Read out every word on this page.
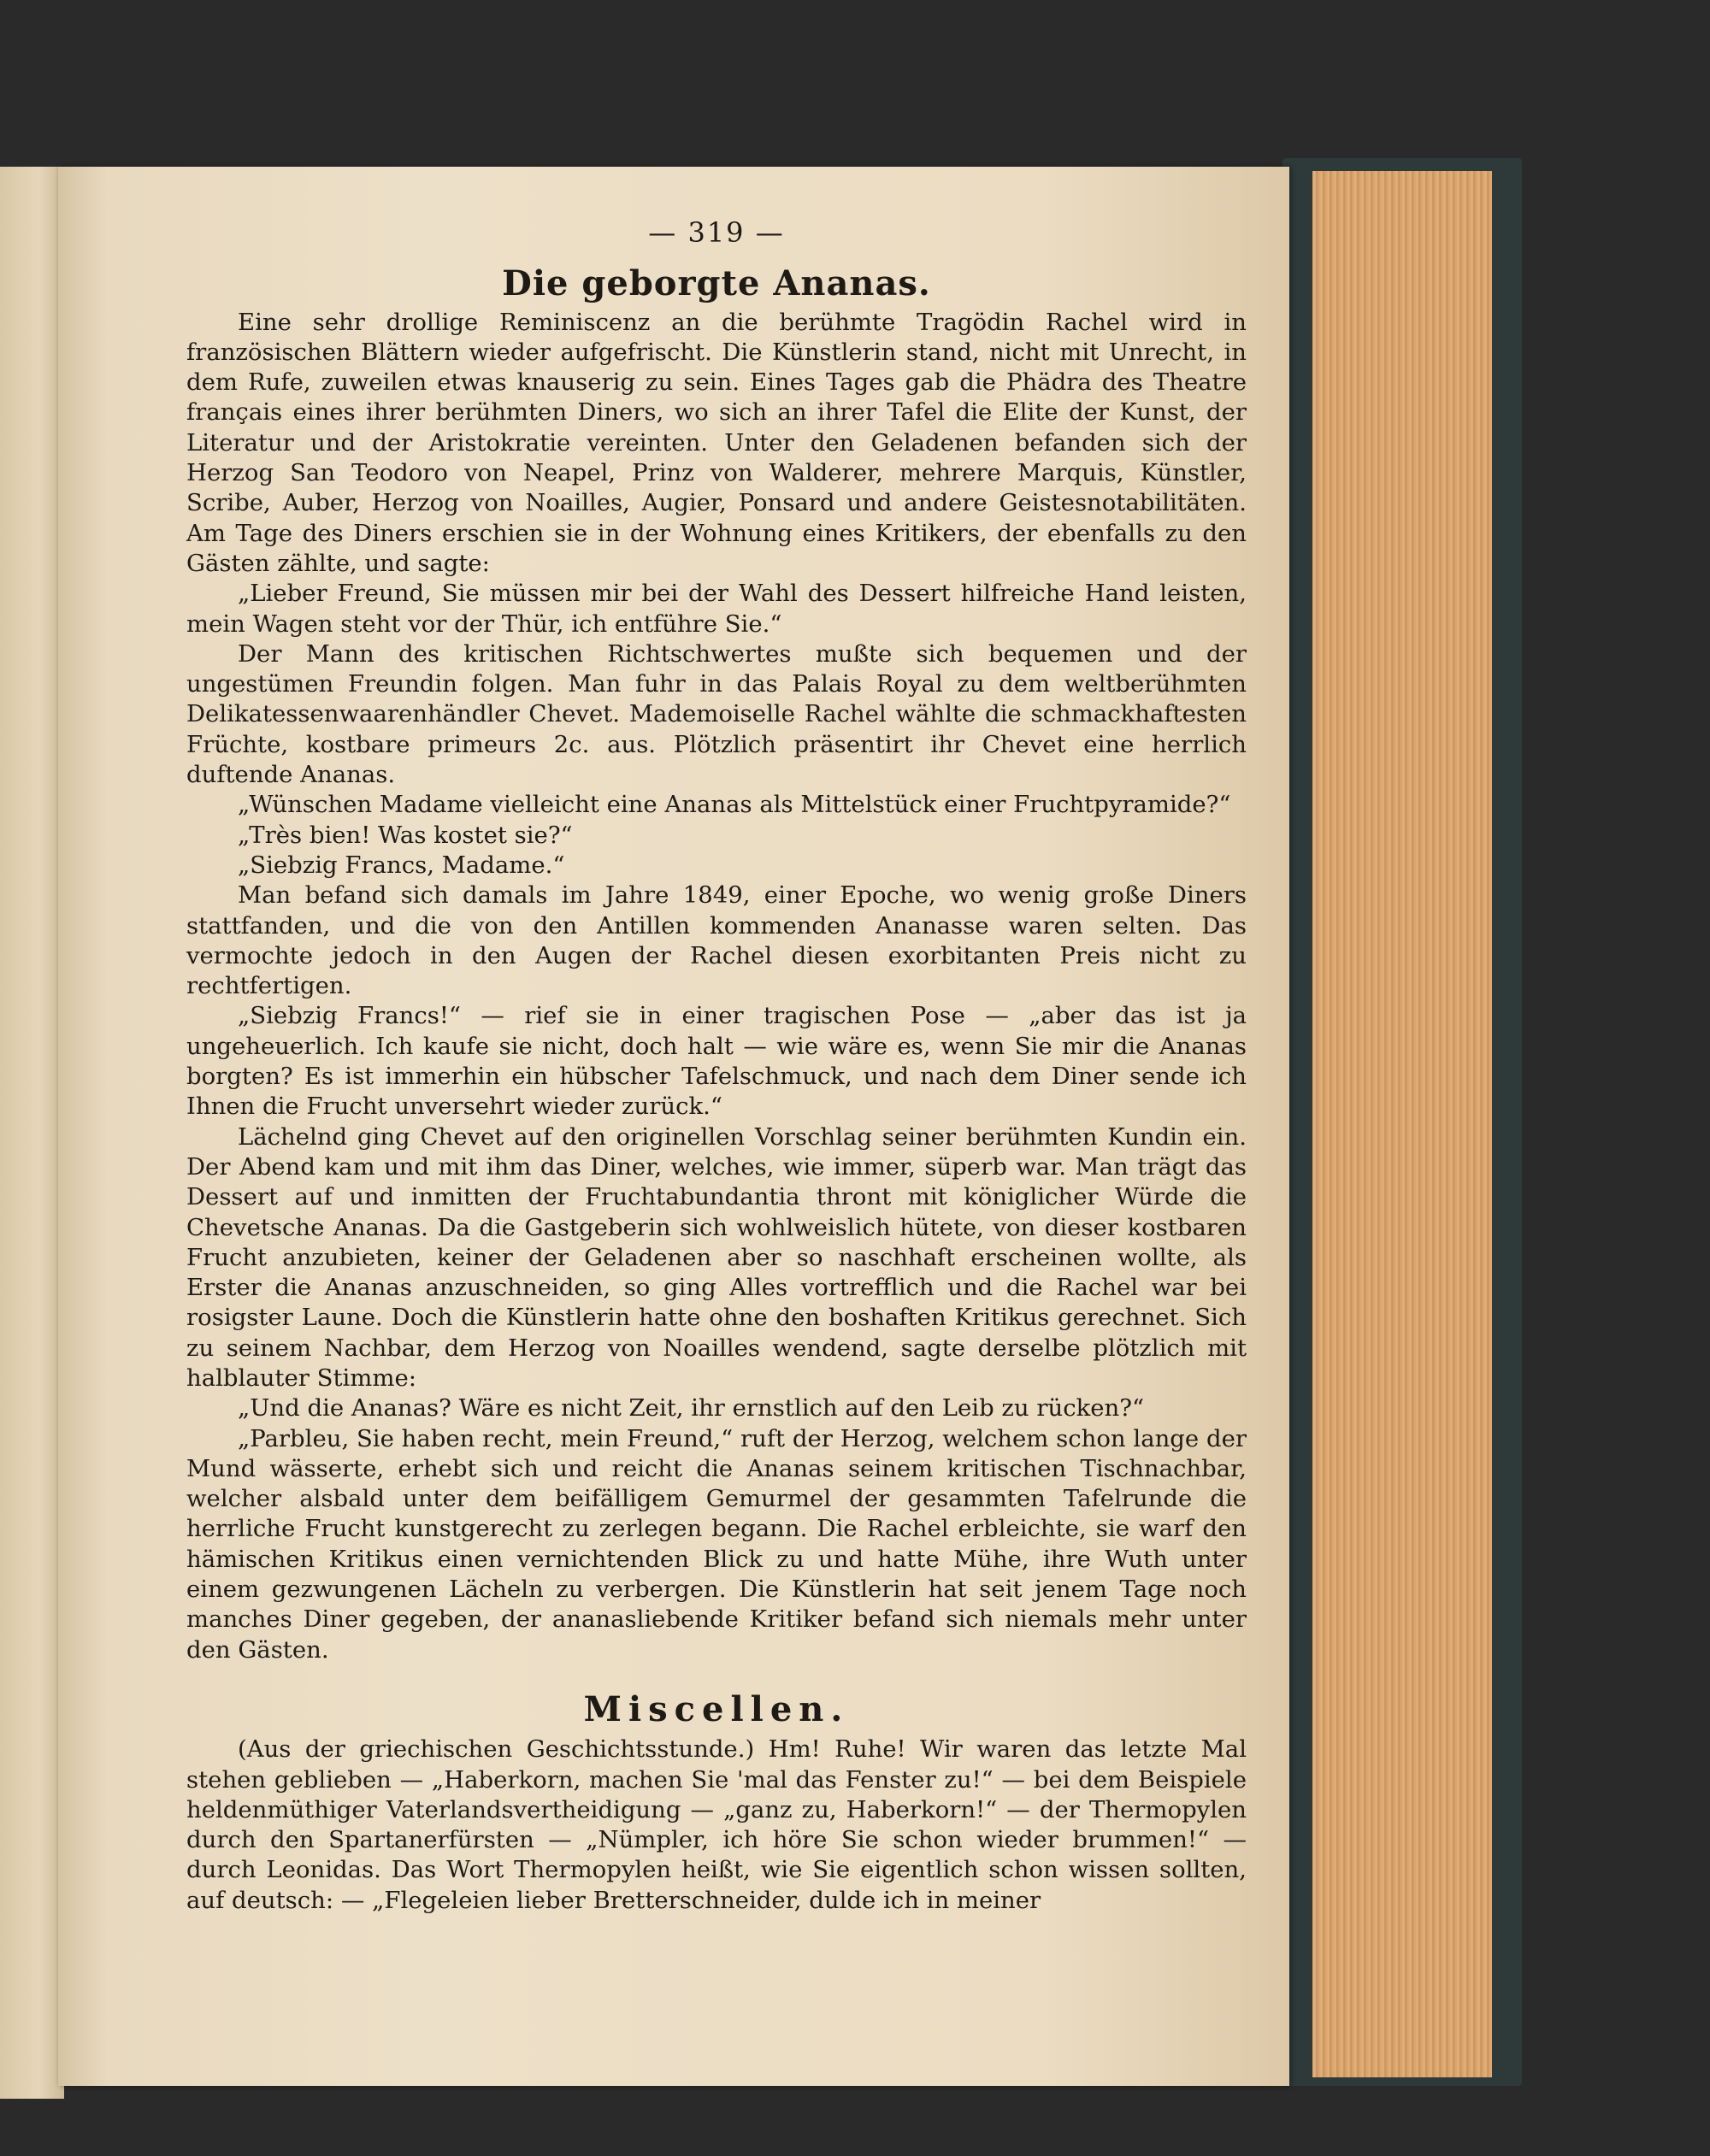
— 319 —
Die geborgte Ananas.

Eine sehr drollige Reminiscenz an die berühmte Tragödin Rachel wird in französischen Blättern wieder aufgefrischt. Die Künstlerin stand, nicht mit Unrecht, in dem Rufe, zuweilen etwas knauserig zu sein. Eines Tages gab die Phädra des Theatre français eines ihrer berühmten Diners, wo sich an ihrer Tafel die Elite der Kunst, der Literatur und der Aristokratie vereinten. Unter den Geladenen befanden sich der Herzog San Teodoro von Neapel, Prinz von Walderer, mehrere Marquis, Künstler, Scribe, Auber, Herzog von Noailles, Augier, Ponsard und andere Geistesnotabilitäten. Am Tage des Diners erschien sie in der Wohnung eines Kritikers, der ebenfalls zu den Gästen zählte, und sagte:

„Lieber Freund, Sie müssen mir bei der Wahl des Dessert hilfreiche Hand leisten, mein Wagen steht vor der Thür, ich entführe Sie.“

Der Mann des kritischen Richtschwertes mußte sich bequemen und der ungestümen Freundin folgen. Man fuhr in das Palais Royal zu dem weltberühmten Delikatessenwaarenhändler Chevet. Mademoiselle Rachel wählte die schmackhaftesten Früchte, kostbare primeurs 2c. aus. Plötzlich präsentirt ihr Chevet eine herrlich duftende Ananas.

„Wünschen Madame vielleicht eine Ananas als Mittelstück einer Fruchtpyramide?“

„Très bien! Was kostet sie?“

„Siebzig Francs, Madame.“

Man befand sich damals im Jahre 1849, einer Epoche, wo wenig große Diners stattfanden, und die von den Antillen kommenden Ananasse waren selten. Das vermochte jedoch in den Augen der Rachel diesen exorbitanten Preis nicht zu rechtfertigen.

„Siebzig Francs!“ — rief sie in einer tragischen Pose — „aber das ist ja ungeheuerlich. Ich kaufe sie nicht, doch halt — wie wäre es, wenn Sie mir die Ananas borgten? Es ist immerhin ein hübscher Tafelschmuck, und nach dem Diner sende ich Ihnen die Frucht unversehrt wieder zurück.“

Lächelnd ging Chevet auf den originellen Vorschlag seiner berühmten Kundin ein. Der Abend kam und mit ihm das Diner, welches, wie immer, süperb war. Man trägt das Dessert auf und inmitten der Fruchtabundantia thront mit königlicher Würde die Chevetsche Ananas. Da die Gastgeberin sich wohlweislich hütete, von dieser kostbaren Frucht anzubieten, keiner der Geladenen aber so naschhaft erscheinen wollte, als Erster die Ananas anzuschneiden, so ging Alles vortrefflich und die Rachel war bei rosigster Laune. Doch die Künstlerin hatte ohne den boshaften Kritikus gerechnet. Sich zu seinem Nachbar, dem Herzog von Noailles wendend, sagte derselbe plötzlich mit halblauter Stimme:

„Und die Ananas? Wäre es nicht Zeit, ihr ernstlich auf den Leib zu rücken?“

„Parbleu, Sie haben recht, mein Freund,“ ruft der Herzog, welchem schon lange der Mund wässerte, erhebt sich und reicht die Ananas seinem kritischen Tischnachbar, welcher alsbald unter dem beifälligem Gemurmel der gesammten Tafelrunde die herrliche Frucht kunstgerecht zu zerlegen begann. Die Rachel erbleichte, sie warf den hämischen Kritikus einen vernichtenden Blick zu und hatte Mühe, ihre Wuth unter einem gezwungenen Lächeln zu verbergen. Die Künstlerin hat seit jenem Tage noch manches Diner gegeben, der ananasliebende Kritiker befand sich niemals mehr unter den Gästen.

Miscellen.

(Aus der griechischen Geschichtsstunde.) Hm! Ruhe! Wir waren das letzte Mal stehen geblieben — „Haberkorn, machen Sie 'mal das Fenster zu!“ — bei dem Beispiele heldenmüthiger Vaterlandsvertheidigung — „ganz zu, Haberkorn!“ — der Thermopylen durch den Spartanerfürsten — „Nümpler, ich höre Sie schon wieder brummen!“ — durch Leonidas. Das Wort Thermopylen heißt, wie Sie eigentlich schon wissen sollten, auf deutsch: — „Flegeleien lieber Bretterschneider, dulde ich in meiner
